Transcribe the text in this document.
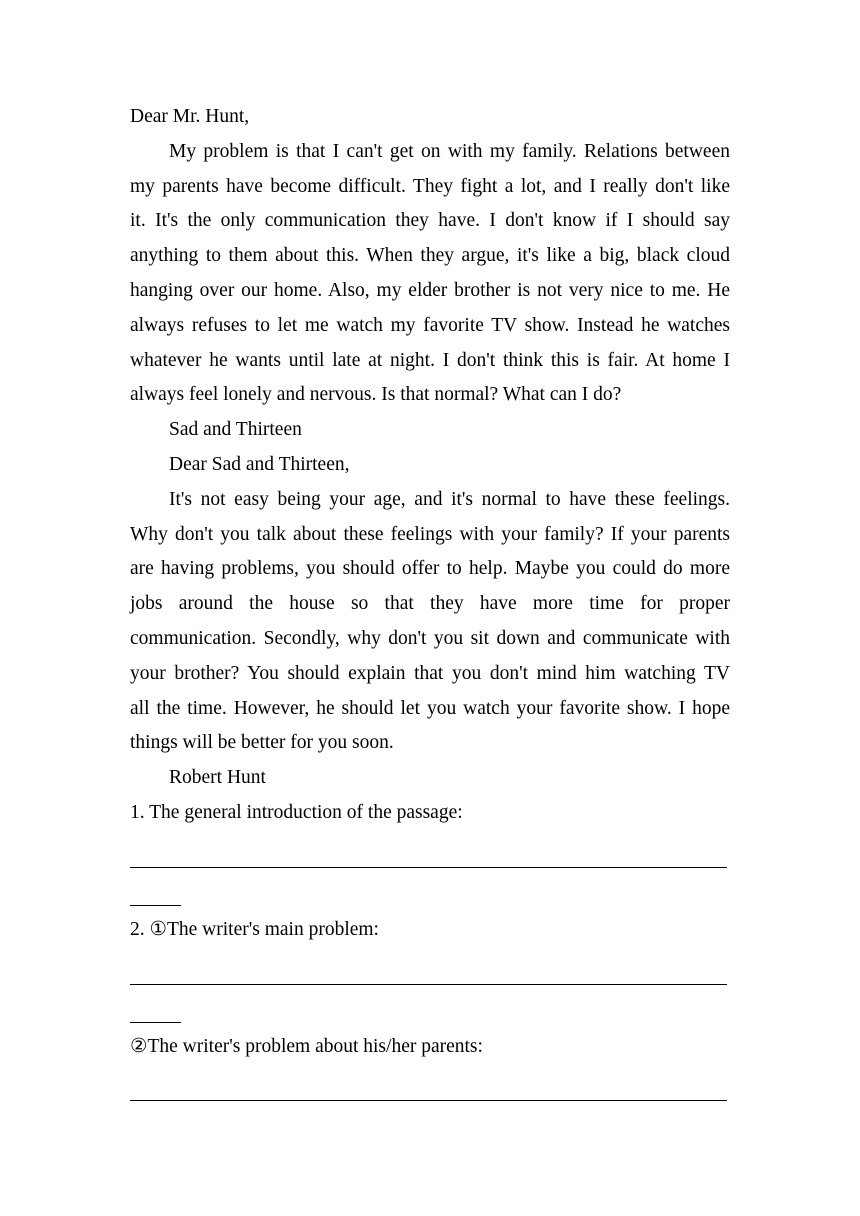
Dear Mr. Hunt,
My problem is that I can't get on with my family. Relations between
my parents have become difficult. They fight a lot, and I really don't like
it. It's the only communication they have. I don't know if I should say
anything to them about this. When they argue, it's like a big, black cloud
hanging over our home. Also, my elder brother is not very nice to me. He
always refuses to let me watch my favorite TV show. Instead he watches
whatever he wants until late at night. I don't think this is fair. At home I
always feel lonely and nervous. Is that normal? What can I do?
Sad and Thirteen
Dear Sad and Thirteen,
It's not easy being your age, and it's normal to have these feelings.
Why don't you talk about these feelings with your family? If your parents
are having problems, you should offer to help. Maybe you could do more
jobs around the house so that they have more time for proper
communication. Secondly, why don't you sit down and communicate with
your brother? You should explain that you don't mind him watching TV
all the time. However, he should let you watch your favorite show. I hope
things will be better for you soon.
Robert Hunt
1. The general introduction of the passage:
2. ①The writer's main problem:
②The writer's problem about his/her parents:
